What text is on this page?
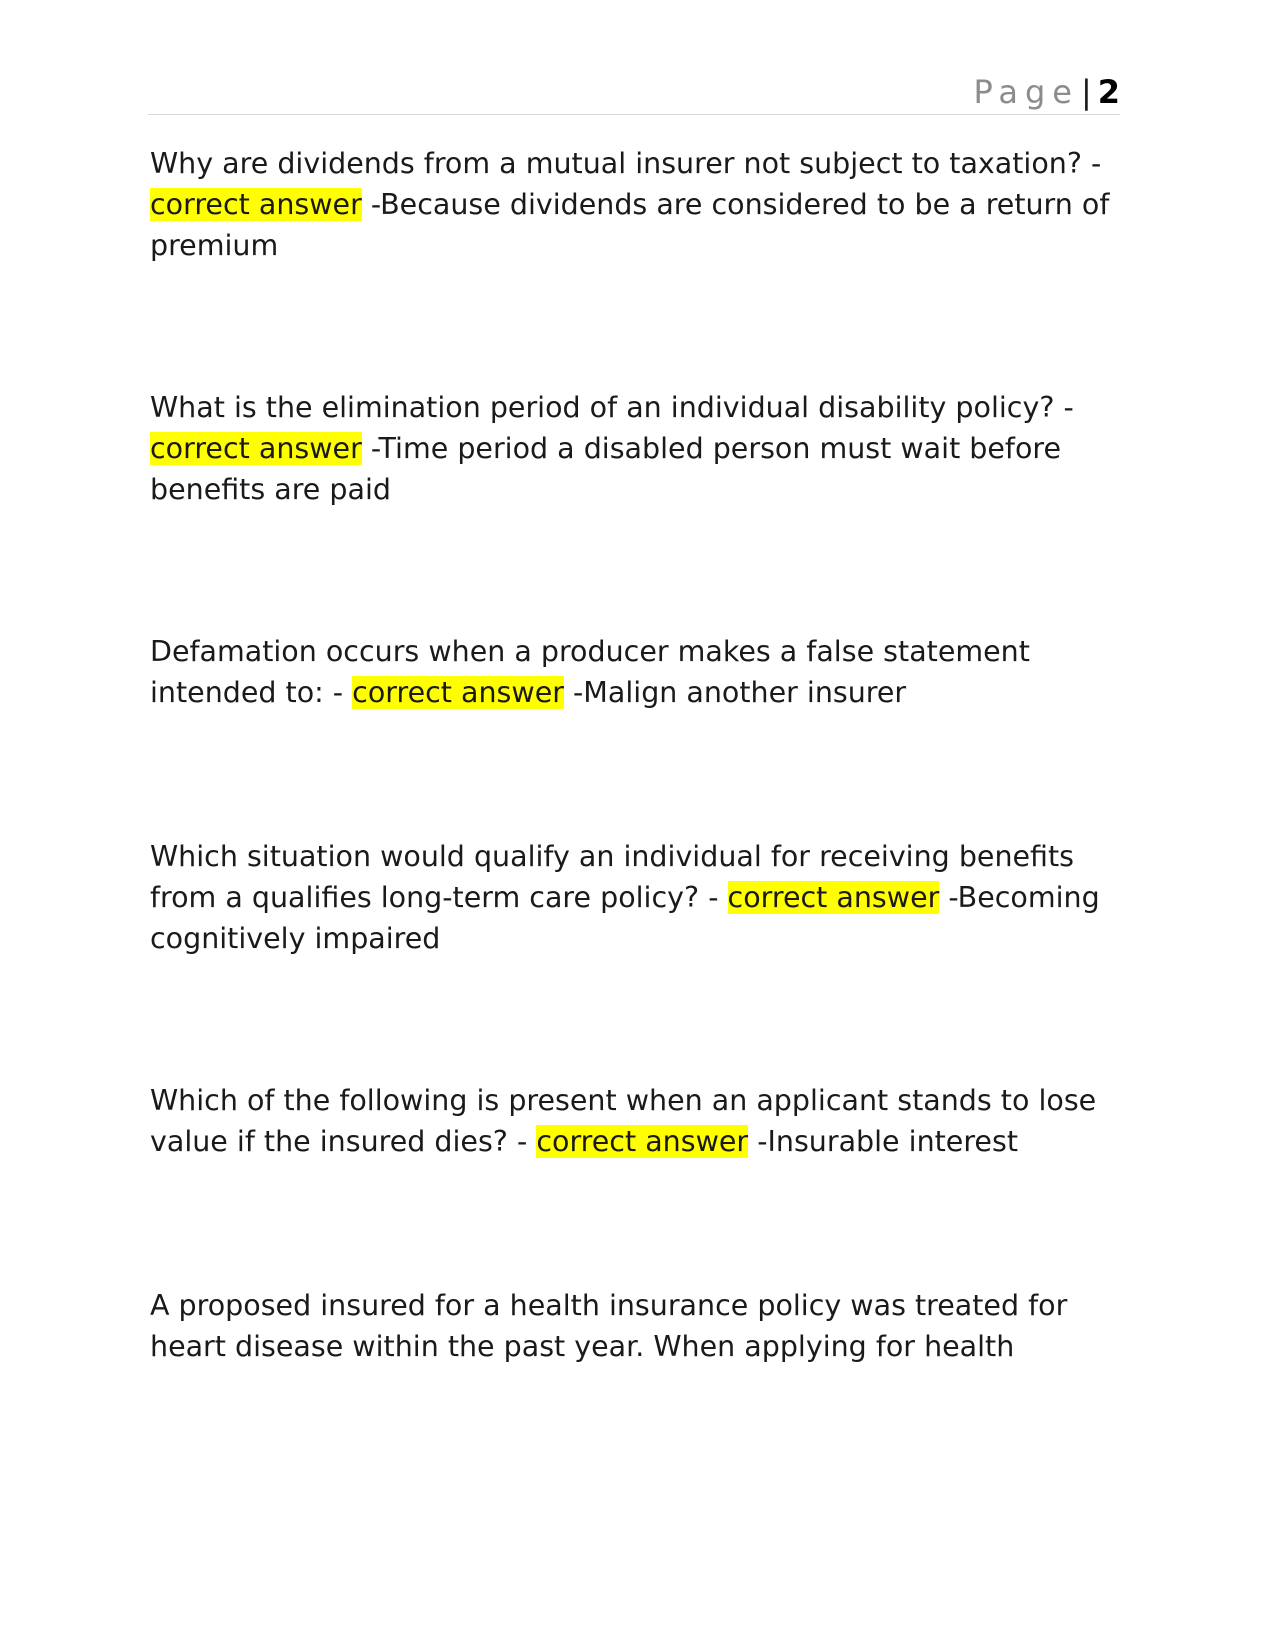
Page| 2

Why are dividends from a mutual insurer not subject to taxation? - correct answer -Because dividends are considered to be a return of premium

What is the elimination period of an individual disability policy? - correct answer -Time period a disabled person must wait before benefits are paid

Defamation occurs when a producer makes a false statement intended to: - correct answer -Malign another insurer

Which situation would qualify an individual for receiving benefits from a qualifies long-term care policy? - correct answer -Becoming cognitively impaired

Which of the following is present when an applicant stands to lose value if the insured dies? - correct answer -Insurable interest

A proposed insured for a health insurance policy was treated for heart disease within the past year. When applying for health
